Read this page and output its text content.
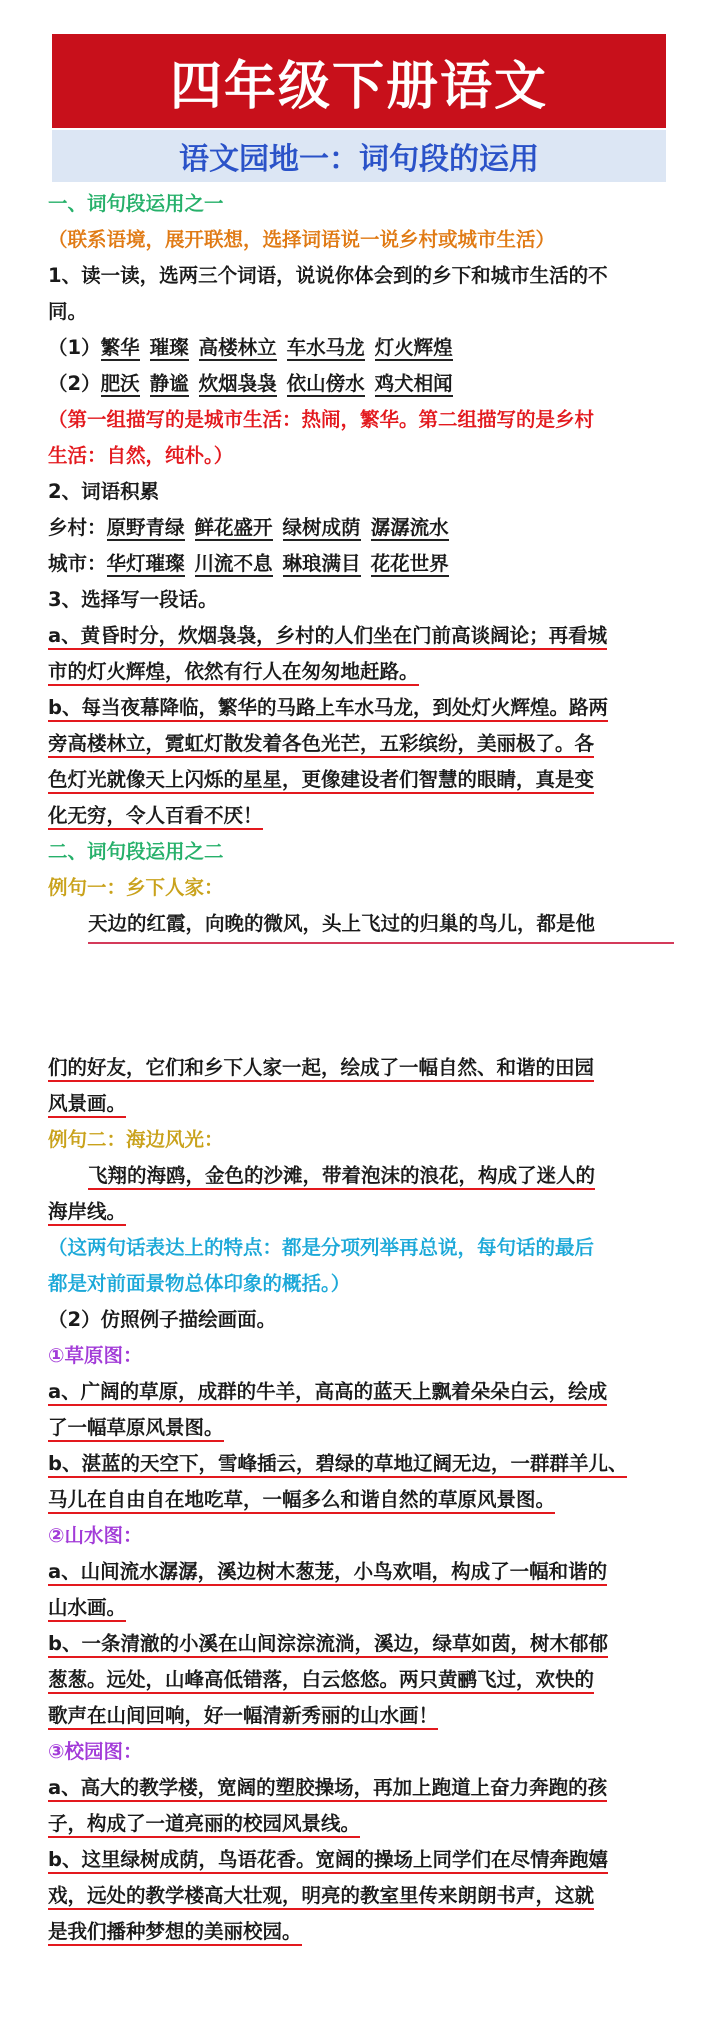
四年级下册语文
语文园地一：词句段的运用
一、词句段运用之一
（联系语境，展开联想，选择词语说一说乡村或城市生活）
1、读一读，选两三个词语，说说你体会到的乡下和城市生活的不
同。
（1）繁华 璀璨 高楼林立 车水马龙 灯火辉煌
（2）肥沃 静谧 炊烟袅袅 依山傍水 鸡犬相闻
（第一组描写的是城市生活：热闹，繁华。第二组描写的是乡村
生活：自然，纯朴。）
2、词语积累
乡村：原野青绿 鲜花盛开 绿树成荫 潺潺流水
城市：华灯璀璨 川流不息 琳琅满目 花花世界
3、选择写一段话。
a、黄昏时分，炊烟袅袅，乡村的人们坐在门前高谈阔论；再看城
市的灯火辉煌，依然有行人在匆匆地赶路。
b、每当夜幕降临，繁华的马路上车水马龙，到处灯火辉煌。路两
旁高楼林立，霓虹灯散发着各色光芒，五彩缤纷，美丽极了。各
色灯光就像天上闪烁的星星，更像建设者们智慧的眼睛，真是变
化无穷，令人百看不厌！
二、词句段运用之二
例句一：乡下人家：
天边的红霞，向晚的微风，头上飞过的归巢的鸟儿，都是他
们的好友，它们和乡下人家一起，绘成了一幅自然、和谐的田园
风景画。
例句二：海边风光：
飞翔的海鸥，金色的沙滩，带着泡沫的浪花，构成了迷人的
海岸线。
（这两句话表达上的特点：都是分项列举再总说，每句话的最后
都是对前面景物总体印象的概括。）
（2）仿照例子描绘画面。
①草原图：
a、广阔的草原，成群的牛羊，高高的蓝天上飘着朵朵白云，绘成
了一幅草原风景图。
b、湛蓝的天空下，雪峰插云，碧绿的草地辽阔无边，一群群羊儿、
马儿在自由自在地吃草，一幅多么和谐自然的草原风景图。
②山水图：
a、山间流水潺潺，溪边树木葱茏，小鸟欢唱，构成了一幅和谐的
山水画。
b、一条清澈的小溪在山间淙淙流淌，溪边，绿草如茵，树木郁郁
葱葱。远处，山峰高低错落，白云悠悠。两只黄鹂飞过，欢快的
歌声在山间回响，好一幅清新秀丽的山水画！
③校园图：
a、高大的教学楼，宽阔的塑胶操场，再加上跑道上奋力奔跑的孩
子，构成了一道亮丽的校园风景线。
b、这里绿树成荫，鸟语花香。宽阔的操场上同学们在尽情奔跑嬉
戏，远处的教学楼高大壮观，明亮的教室里传来朗朗书声，这就
是我们播种梦想的美丽校园。
